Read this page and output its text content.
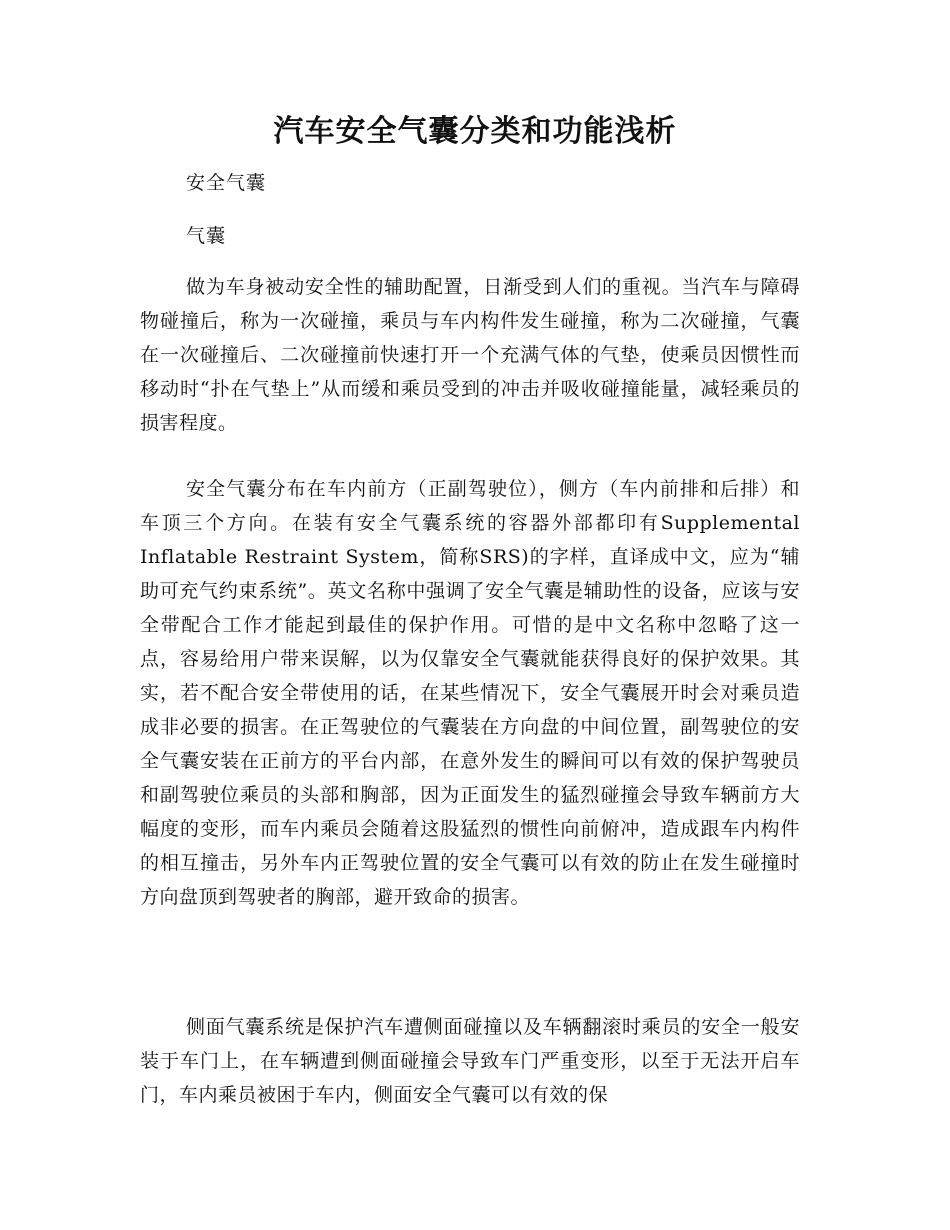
汽车安全气囊分类和功能浅析
安全气囊
气囊

做为车身被动安全性的辅助配置，日渐受到人们的重视。当汽车与障碍物碰撞后，称为一次碰撞，乘员与车内构件发生碰撞，称为二次碰撞，气囊在一次碰撞后、二次碰撞前快速打开一个充满气体的气垫，使乘员因惯性而移动时“扑在气垫上”从而缓和乘员受到的冲击并吸收碰撞能量，减轻乘员的损害程度。

安全气囊分布在车内前方（正副驾驶位），侧方（车内前排和后排）和车顶三个方向。在装有安全气囊系统的容器外部都印有Supplemental Inflatable Restraint System，简称SRS)的字样，直译成中文，应为“辅助可充气约束系统”。英文名称中强调了安全气囊是辅助性的设备，应该与安全带配合工作才能起到最佳的保护作用。可惜的是中文名称中忽略了这一点，容易给用户带来误解，以为仅靠安全气囊就能获得良好的保护效果。其实，若不配合安全带使用的话，在某些情况下，安全气囊展开时会对乘员造成非必要的损害。在正驾驶位的气囊装在方向盘的中间位置，副驾驶位的安全气囊安装在正前方的平台内部，在意外发生的瞬间可以有效的保护驾驶员和副驾驶位乘员的头部和胸部，因为正面发生的猛烈碰撞会导致车辆前方大幅度的变形，而车内乘员会随着这股猛烈的惯性向前俯冲，造成跟车内构件的相互撞击，另外车内正驾驶位置的安全气囊可以有效的防止在发生碰撞时方向盘顶到驾驶者的胸部，避开致命的损害。

侧面气囊系统是保护汽车遭侧面碰撞以及车辆翻滚时乘员的安全一般安装于车门上，在车辆遭到侧面碰撞会导致车门严重变形，以至于无法开启车门，车内乘员被困于车内，侧面安全气囊可以有效的保
